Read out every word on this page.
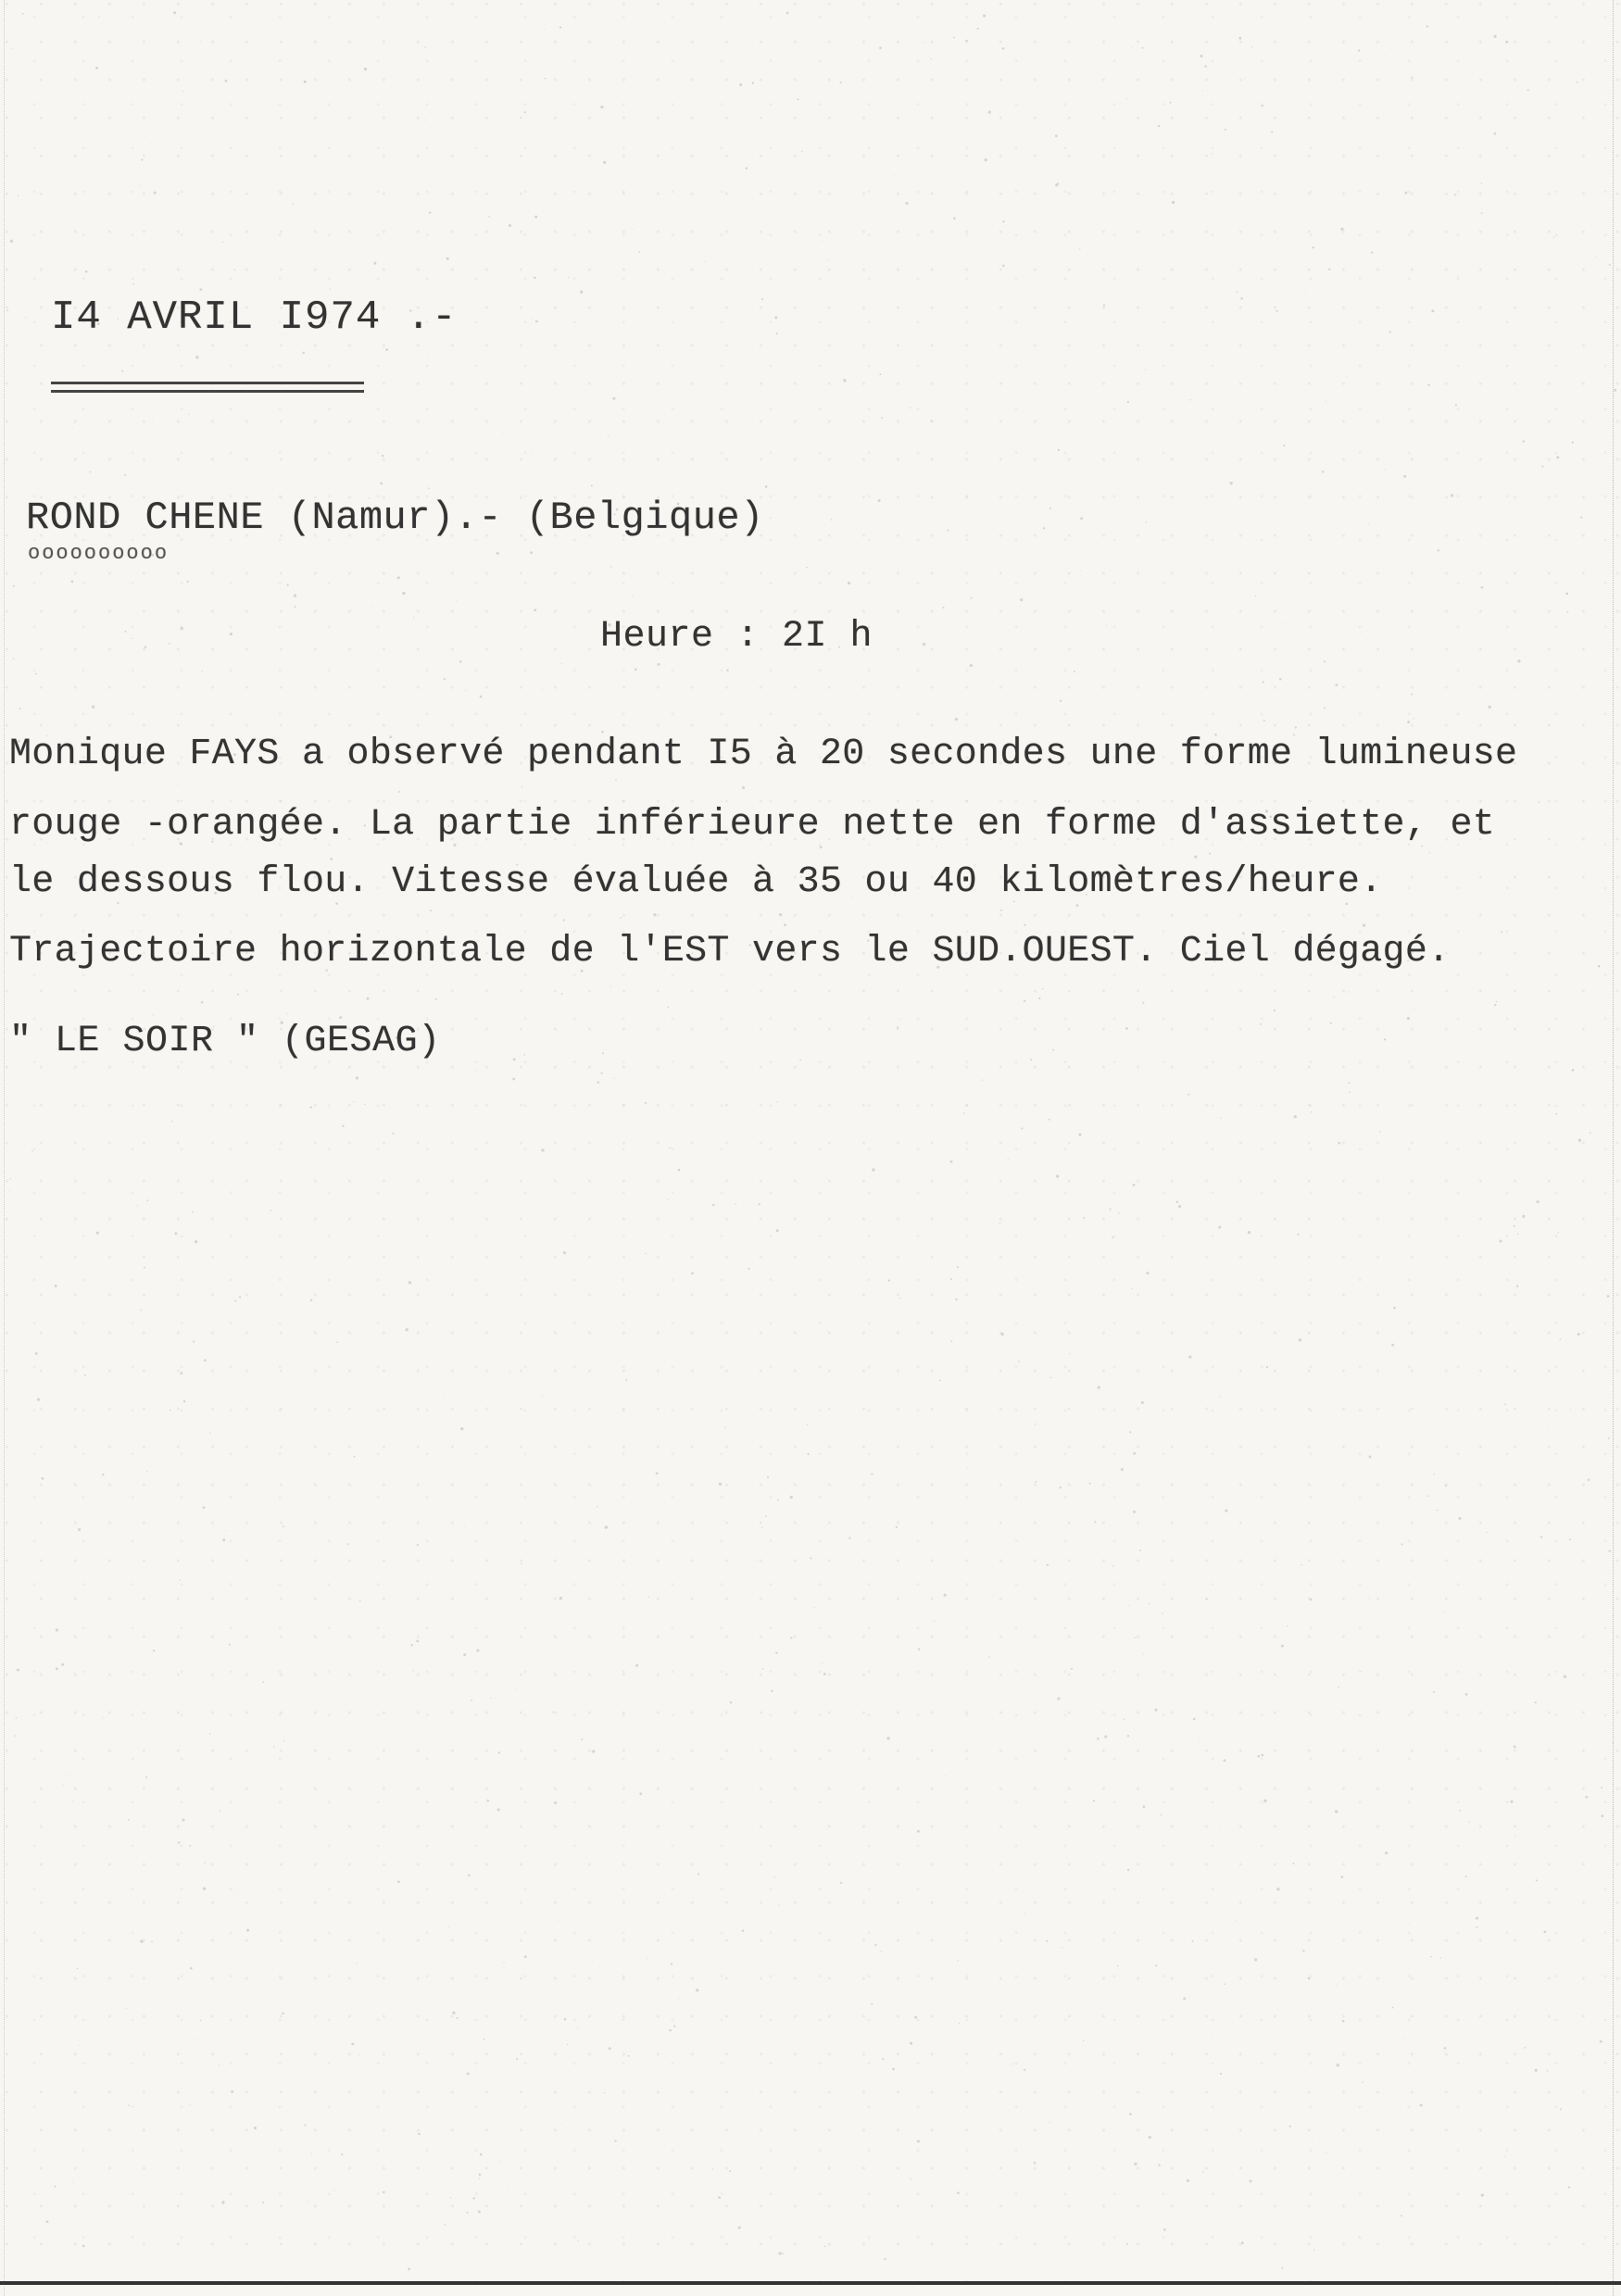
I4 AVRIL I974 .-
ROND CHENE (Namur).- (Belgique)
oooooooooo
Heure : 2I h
Monique FAYS a observé pendant I5 à 20 secondes une forme lumineuse
rouge -orangée. La partie inférieure nette en forme d'assiette, et
le dessous flou. Vitesse évaluée à 35 ou 40 kilomètres/heure.
Trajectoire horizontale de l'EST vers le SUD.OUEST. Ciel dégagé.
" LE SOIR " (GESAG)
